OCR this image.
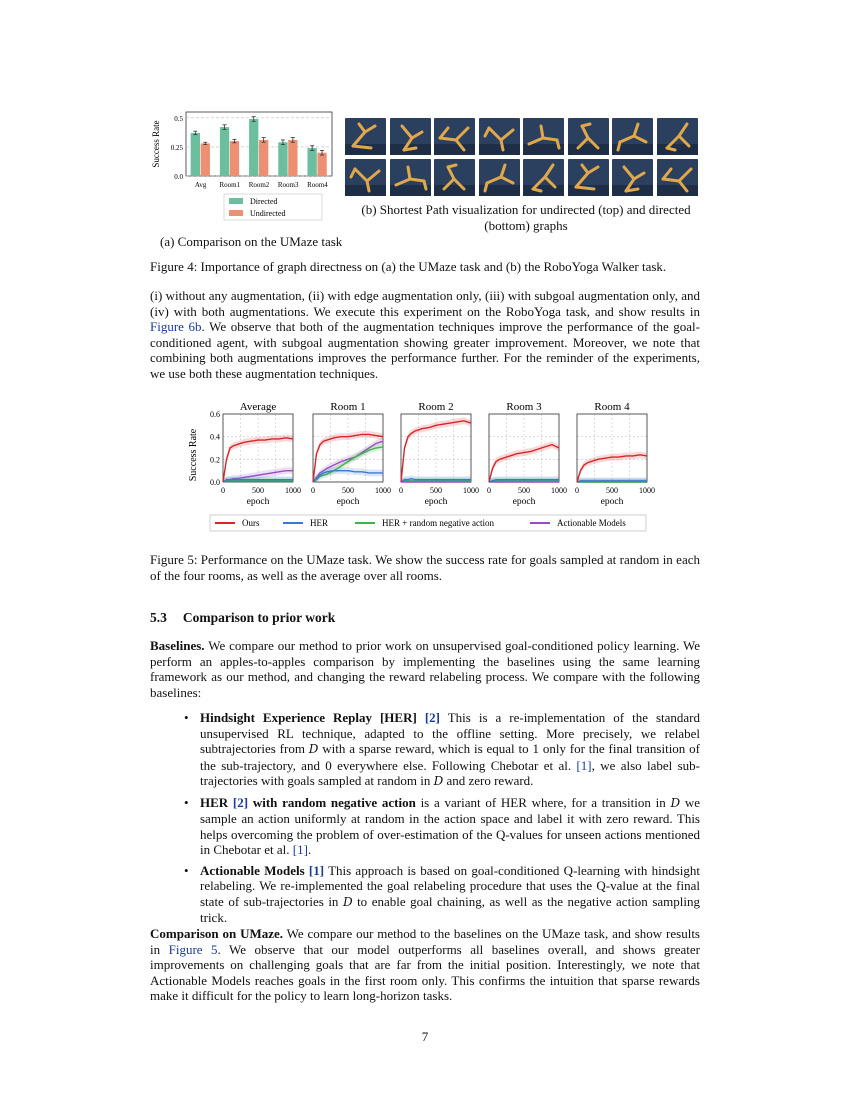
Success Rate
0.0
0.25
0.5
Avg Room1 Room2 Room3 Room4
Directed
Undirected	(b) Shortest Path visualization for undirected (top) and directed
(bottom) graphs
(a) Comparison on the UMaze task
Figure 4: Importance of graph directness on (a) the UMaze task and (b) the RoboYoga Walker task.
(i) without any augmentation, (ii) with edge augmentation only, (iii) with subgoal augmentation only, and (iv) with both augmentations. We execute this experiment on the RoboYoga task, and show results in Figure 6b. We observe that both of the augmentation techniques improve the performance of the goal-conditioned agent, with subgoal augmentation showing greater improvement. Moreover, we note that combining both augmentations improves the performance further. For the reminder of the experiments, we use both these augmentation techniques.
Success Rate
Average
0	500	1000
epoch
0.0
0.2
0.4
0.6
Room 1
0	500	1000
epoch
Room 2
0	500	1000
epoch
Room 3
0	500	1000
epoch
Room 4
0	500	1000
epoch
Ours	HER	HER + random negative action	Actionable Models
Figure 5: Performance on the UMaze task. We show the success rate for goals sampled at random in each of the four rooms, as well as the average over all rooms.
5.3 Comparison to prior work
Baselines. We compare our method to prior work on unsupervised goal-conditioned policy learning. We perform an apples-to-apples comparison by implementing the baselines using the same learning framework as our method, and changing the reward relabeling process. We compare with the following baselines:
• Hindsight Experience Replay [HER] [2] This is a re-implementation of the standard unsupervised RL technique, adapted to the offline setting. More precisely, we relabel subtrajectories from D with a sparse reward, which is equal to 1 only for the final transition of the sub-trajectory, and 0 everywhere else. Following Chebotar et al. [1], we also label sub-trajectories with goals sampled at random in D and zero reward.
• HER [2] with random negative action is a variant of HER where, for a transition in D we sample an action uniformly at random in the action space and label it with zero reward. This helps overcoming the problem of over-estimation of the Q-values for unseen actions mentioned in Chebotar et al. [1].
• Actionable Models [1] This approach is based on goal-conditioned Q-learning with hindsight relabeling. We re-implemented the goal relabeling procedure that uses the Q-value at the final state of sub-trajectories in D to enable goal chaining, as well as the negative action sampling trick.
Comparison on UMaze. We compare our method to the baselines on the UMaze task, and show results in Figure 5. We observe that our model outperforms all baselines overall, and shows greater improvements on challenging goals that are far from the initial position. Interestingly, we note that Actionable Models reaches goals in the first room only. This confirms the intuition that sparse rewards make it difficult for the policy to learn long-horizon tasks.
7
